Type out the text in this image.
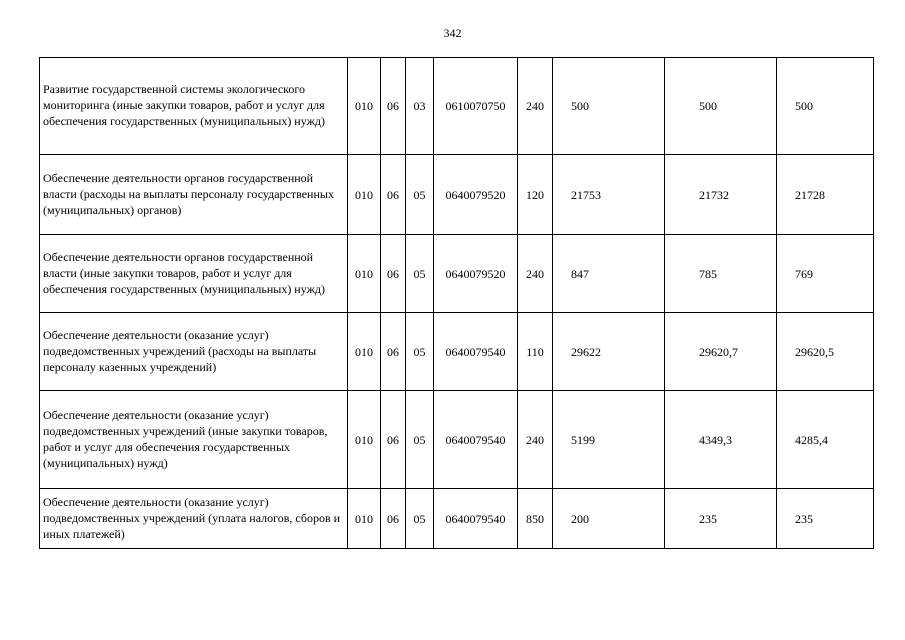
342
Развитие государственной системы экологического мониторинга (иные закупки товаров, работ и услуг для обеспечения государственных (муниципальных) нужд)	010	06	03	0610070750	240	500	500	500
Обеспечение деятельности органов государственной власти (расходы на выплаты персоналу государственных (муниципальных) органов)	010	06	05	0640079520	120	21753	21732	21728
Обеспечение деятельности органов государственной власти (иные закупки товаров, работ и услуг для обеспечения государственных (муниципальных) нужд)	010	06	05	0640079520	240	847	785	769
Обеспечение деятельности (оказание услуг) подведомственных учреждений (расходы на выплаты персоналу казенных учреждений)	010	06	05	0640079540	110	29622	29620,7	29620,5
Обеспечение деятельности (оказание услуг) подведомственных учреждений (иные закупки товаров, работ и услуг для обеспечения государственных (муниципальных) нужд)	010	06	05	0640079540	240	5199	4349,3	4285,4
Обеспечение деятельности (оказание услуг) подведомственных учреждений (уплата налогов, сборов и иных платежей)	010	06	05	0640079540	850	200	235	235
